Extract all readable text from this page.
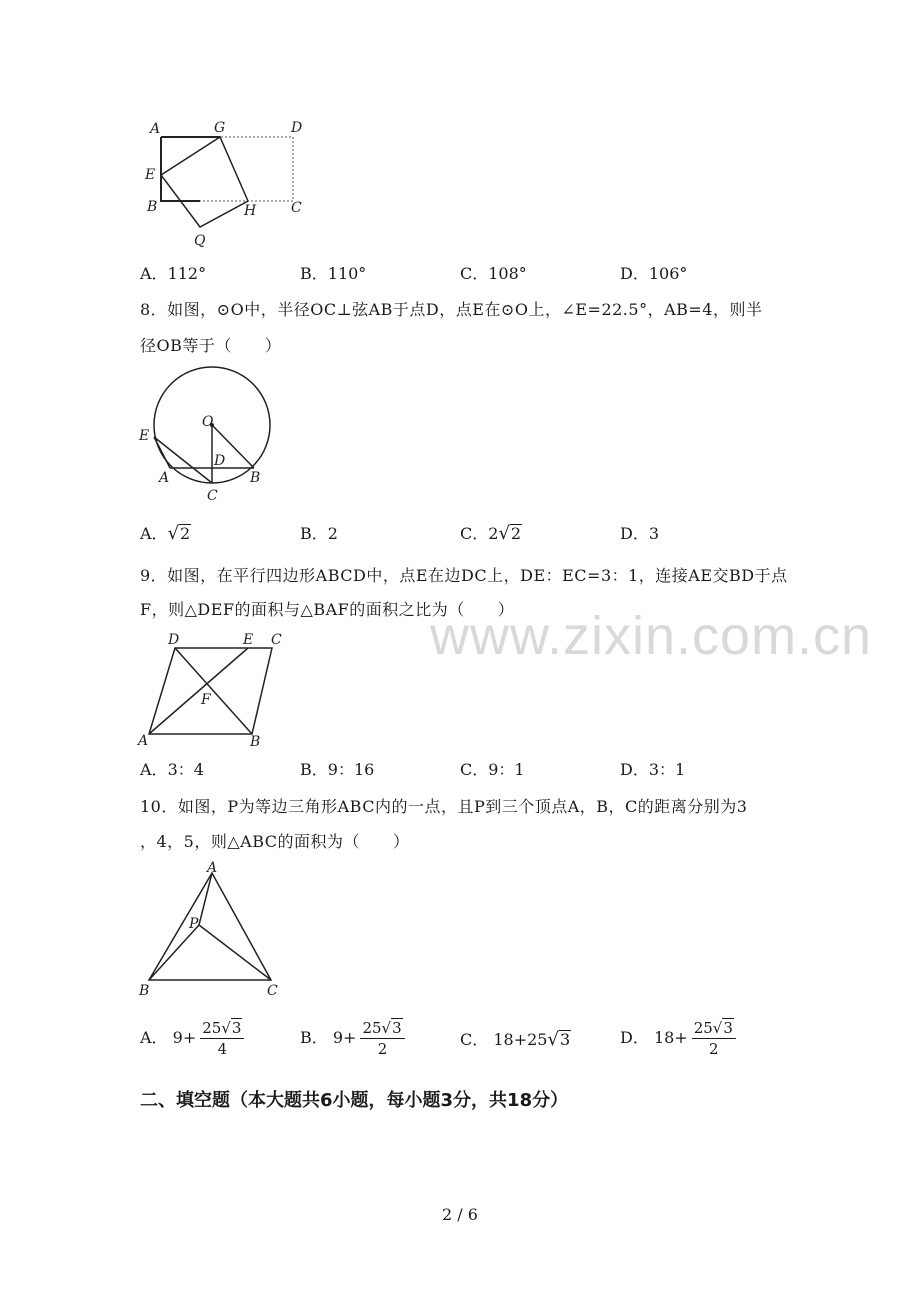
www.zixin.com.cn
A	G	D
E
B	H C
Q
A．112°	B．110°	C．108°	D．106°
8．如图，⊙O中，半径OC⊥弦AB于点D，点E在⊙O上，∠E=22.5°，AB=4，则半
径OB等于（　　）
O
E
D
A	B
C
A．√2	B．2	C．2√2	D．3
9．如图，在平行四边形ABCD中，点E在边DC上，DE：EC=3：1，连接AE交BD于点
F，则△DEF的面积与△BAF的面积之比为（　　）
D	E C
F
A	B
A．3：4	B．9：16	C．9：1	D．3：1
10．如图，P为等边三角形ABC内的一点，且P到三个顶点A，B，C的距离分别为3
，4，5，则△ABC的面积为（　　）
A
P
B	C
A． $9+ \frac{25√3}{4}$	B． $9+ \frac{25√3}{2}$	C． 18+25√3	D． $18+ \frac{25√3}{2}$
二、填空题（本大题共6小题，每小题3分，共18分）
2 / 6
